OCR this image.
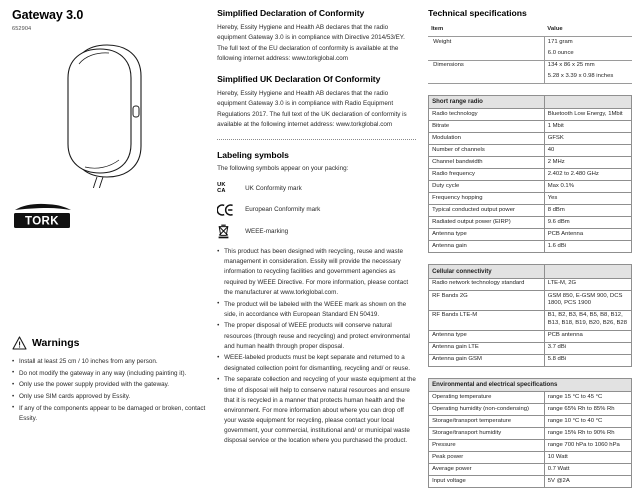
Gateway 3.0
652904
TORK
Warnings
• Install at least 25 cm / 10 inches from any person.
• Do not modify the gateway in any way (including painting it).
• Only use the power supply provided with the gateway.
• Only use SIM cards approved by Essity.
• If any of the components appear to be damaged or broken, contact Essity.
Simplified Declaration of Conformity

Hereby, Essity Hygiene and Health AB declares that the radio equipment Gateway 3.0 is in compliance with Directive 2014/53/EY. The full text of the EU declaration of conformity is available at the following internet address: www.torkglobal.com

Simplified UK Declaration Of Conformity

Hereby, Essity Hygiene and Health AB declares that the radio equipment Gateway 3.0 is in compliance with Radio Equipment Regulations 2017. The full text of the UK declaration of conformity is available at the following internet address: www.torkglobal.com

Labeling symbols

The following symbols appear on your packing:

UK
CA	UK Conformity mark
European Conformity mark
WEEE-marking
• This product has been designed with recycling, reuse and waste management in consideration. Essity will provide the necessary information to recycling facilities and government agencies as required by WEEE Directive. For more information, please contact the manufacturer at www.torkglobal.com.
• The product will be labeled with the WEEE mark as shown on the side, in accordance with European Standard EN 50419.
• The proper disposal of WEEE products will conserve natural resources (through reuse and recycling) and protect environmental and human health through proper disposal.
• WEEE-labeled products must be kept separate and returned to a designated collection point for dismantling, recycling and/ or reuse.
• The separate collection and recycling of your waste equipment at the time of disposal will help to conserve natural resources and ensure that it is recycled in a manner that protects human health and the environment. For more information about where you can drop off your waste equipment for recycling, please contact your local government, your commercial, institutional and/ or municipal waste disposal service or the location where you purchased the product.
Technical specifications
Item	Value
Weight	171 gram
	6.0 ounce
Dimensions	134 x 86 x 25 mm
	5.28 x 3.39 x 0.98 inches
Short range radio	
Radio technology	Bluetooth Low Energy, 1Mbit
Bitrate	1 Mbit
Modulation	GFSK
Number of channels	40
Channel bandwidth	2 MHz
Radio frequency	2.402 to 2.480 GHz
Duty cycle	Max 0.1%
Frequency hopping	Yes
Typical conducted output power	8 dBm
Radiated output power (EIRP)	9.6 dBm
Antenna type	PCB Antenna
Antenna gain	1.6 dBi
Cellular connectivity	
Radio network technology standard	LTE-M, 2G
RF Bands 2G	GSM 850, E-GSM 900, DCS 1800, PCS 1900
RF Bands LTE-M	B1, B2, B3, B4, B5, B8, B12, B13, B18, B19, B20, B26, B28
Antenna type	PCB antenna
Antenna gain LTE	3.7 dBi
Antenna gain GSM	5.8 dBi
Environmental and electrical specifications	
Operating temperature	range 15 °C to 45 °C
Operating humidity (non-condensing)	range 65% Rh to 85% Rh
Storage/transport temperature	range 10 °C to 40 °C
Storage/transport humidity	range 15% Rh to 90% Rh
Pressure	range 700 hPa to 1060 hPa
Peak power	10 Watt
Average power	0.7 Watt
Input voltage	5V @2A
